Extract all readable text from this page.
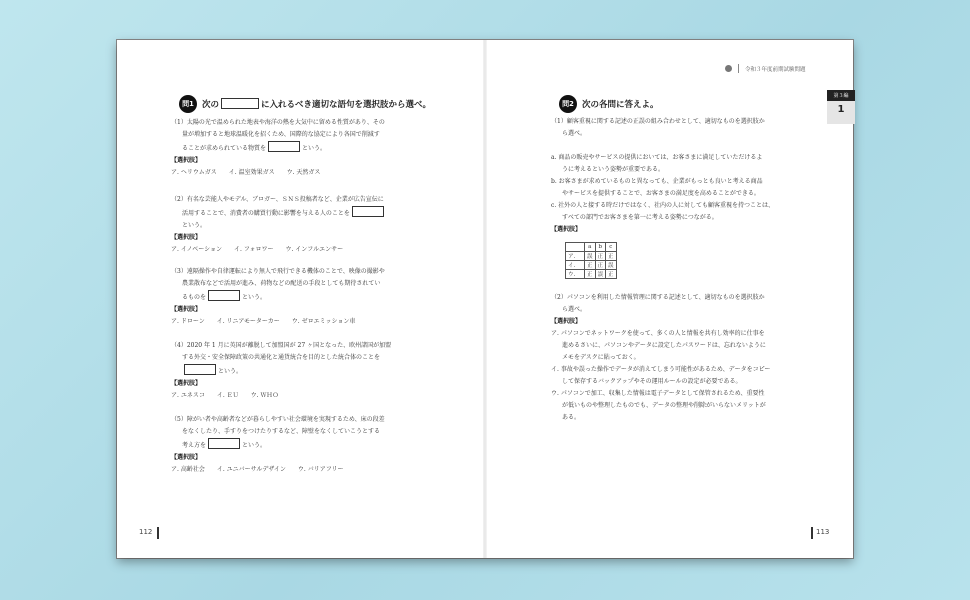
問1 次の	に入れるべき適切な語句を選択肢から選べ。
（1）太陽の光で温められた地表や海洋の熱を大気中に留める性質があり、その
量が増加すると地球温暖化を招くため、国際的な協定により各国で削減す
ることが求められている物質を	という。
【選択肢】
ア. ヘリウムガス　　イ. 温室効果ガス　　ウ. 天然ガス
（2）有名な芸能人やモデル、ブロガー、ＳＮＳ投稿者など、企業が広告宣伝に
活用することで、消費者の購買行動に影響を与える人のことを
という。
【選択肢】
ア. イノベーション　　イ. フォロワー　　ウ. インフルエンサー
（3）遠隔操作や自律運転により無人で飛行できる機体のことで、映像の撮影や
農業散布などで活用が進み、荷物などの配送の手段としても期待されてい
るものを	という。
【選択肢】
ア. ドローン　　イ. リニアモーターカー　　ウ. ゼロエミッション車
（4）2020 年 1 月に英国が離脱して加盟国が 27 ヶ国となった、欧州諸国が加盟
する外交・安全保障政策の共通化と通貨統合を目的とした統合体のことを
という。
【選択肢】
ア. ユネスコ　　イ. ＥＵ　　ウ. ＷＨＯ
（5）障がい者や高齢者などが暮らしやすい社会環境を実現するため、床の段差
をなくしたり、手すりをつけたりするなど、障壁をなくしていこうとする
考え方を	という。
【選択肢】
ア. 高齢社会　　イ. ユニバーサルデザイン　　ウ. バリアフリー
112
令和３年度前期試験問題
第３編
1
問2 次の各問に答えよ。
（1）顧客重視に関する記述の正誤の組み合わせとして、適切なものを選択肢か
ら選べ。
a. 商品の販売やサービスの提供においては、お客さまに満足していただけるよ
うに考えるという姿勢が重要である。
b. お客さまが求めているものと異なっても、企業がもっとも良いと考える商品
やサービスを提供することで、お客さまの満足度を高めることができる。
c. 社外の人と接する時だけではなく、社内の人に対しても顧客重視を持つことは、
すべての部門でお客さまを第一に考える姿勢につながる。
【選択肢】
	a	b	c
ア.	誤	正	正
イ.	正	正	誤
ウ.	正	誤	正
（2）パソコンを利用した情報管理に関する記述として、適切なものを選択肢か
ら選べ。
【選択肢】
ア. パソコンでネットワークを使って、多くの人と情報を共有し効率的に仕事を
進めるさいに、パソコンやデータに設定したパスワードは、忘れないように
メモをデスクに貼っておく。
イ. 事故や誤った操作でデータが消えてしまう可能性があるため、データをコピー
して保存するバックアップやその運用ルールの設定が必要である。
ウ. パソコンで加工、収集した情報は電子データとして保管されるため、重要性
が低いものや整理したものでも、データの整理や削除がいらないメリットが
ある。
113
